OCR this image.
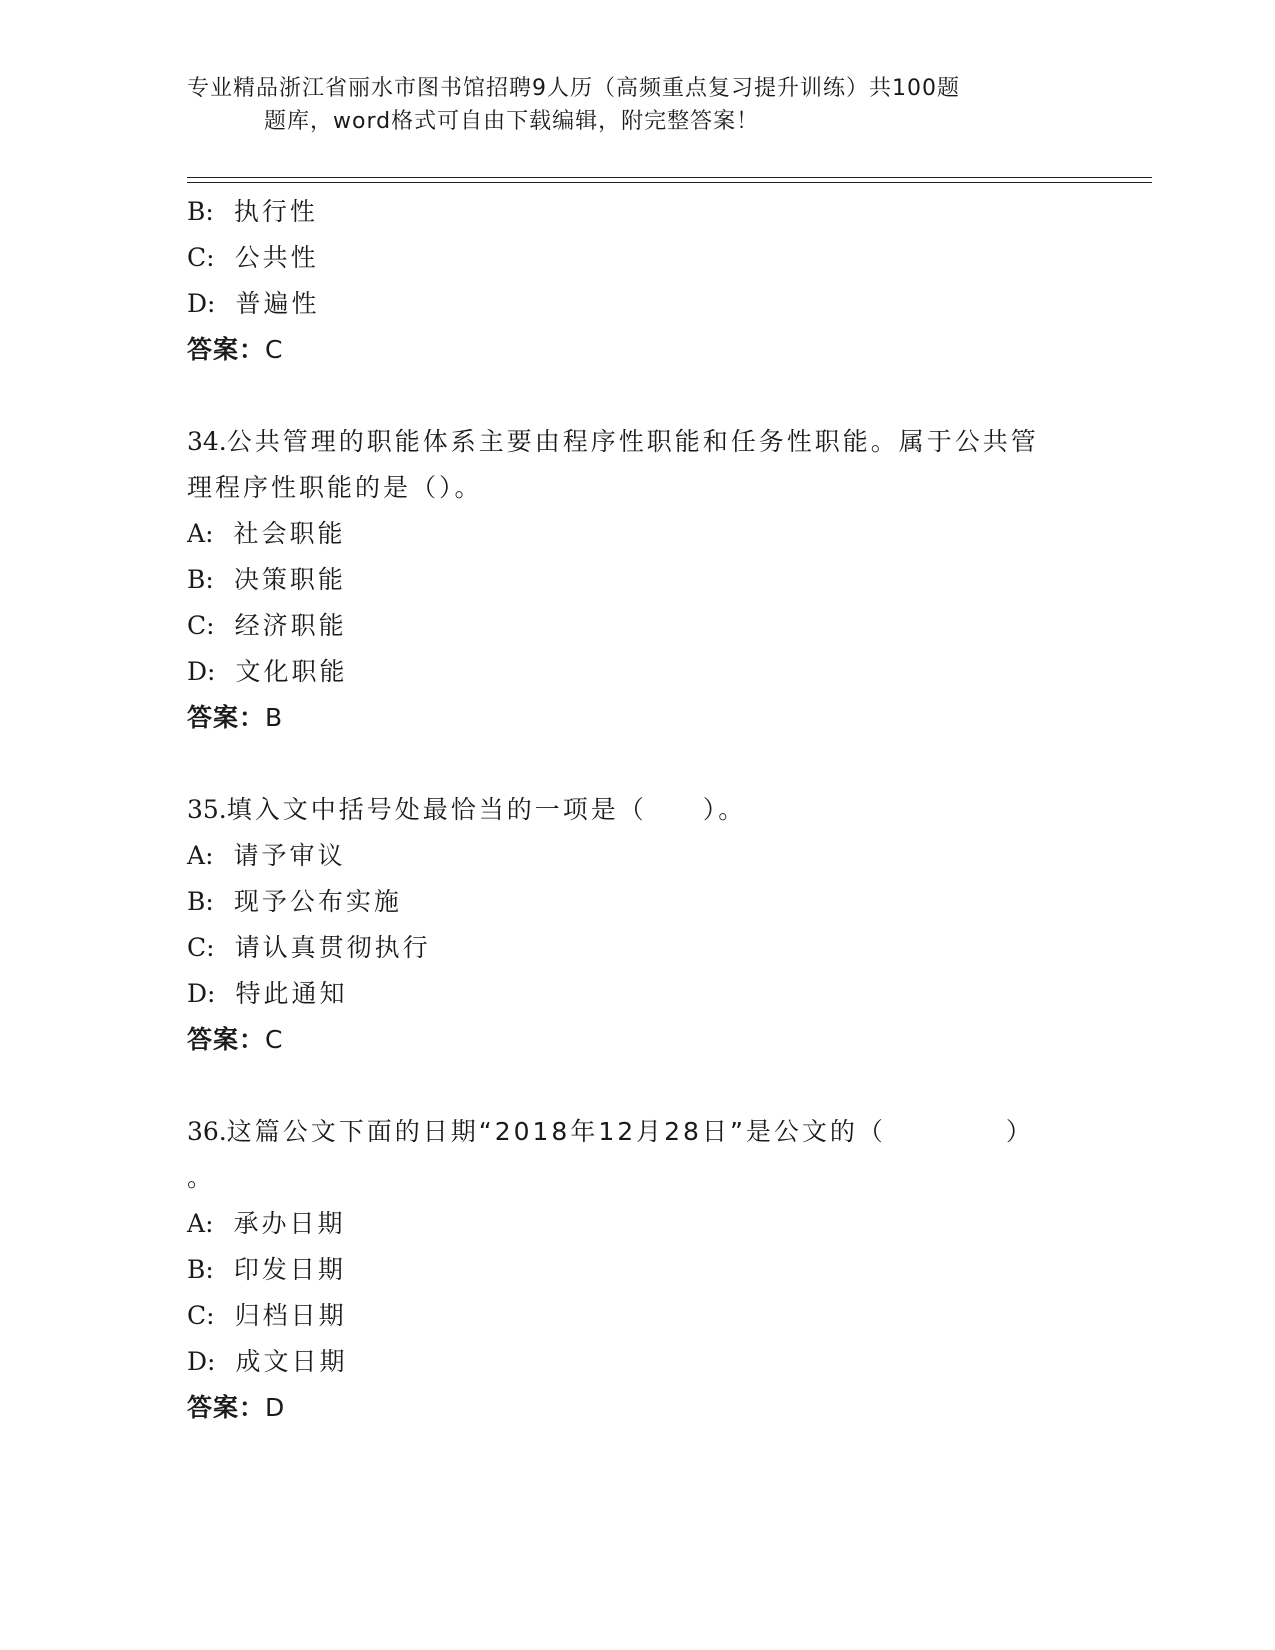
专业精品浙江省丽水市图书馆招聘9人历（高频重点复习提升训练）共100题
题库，word格式可自由下载编辑，附完整答案！
B: 执行性
C: 公共性
D: 普遍性
答案：C
34.公共管理的职能体系主要由程序性职能和任务性职能。属于公共管
理程序性职能的是（）。
A: 社会职能
B: 决策职能
C: 经济职能
D: 文化职能
答案：B
35.填入文中括号处最恰当的一项是（　　）。
A: 请予审议
B: 现予公布实施
C: 请认真贯彻执行
D: 特此通知
答案：C
36.这篇公文下面的日期“2018年12月28日”是公文的（	）
。
A: 承办日期
B: 印发日期
C: 归档日期
D: 成文日期
答案：D
